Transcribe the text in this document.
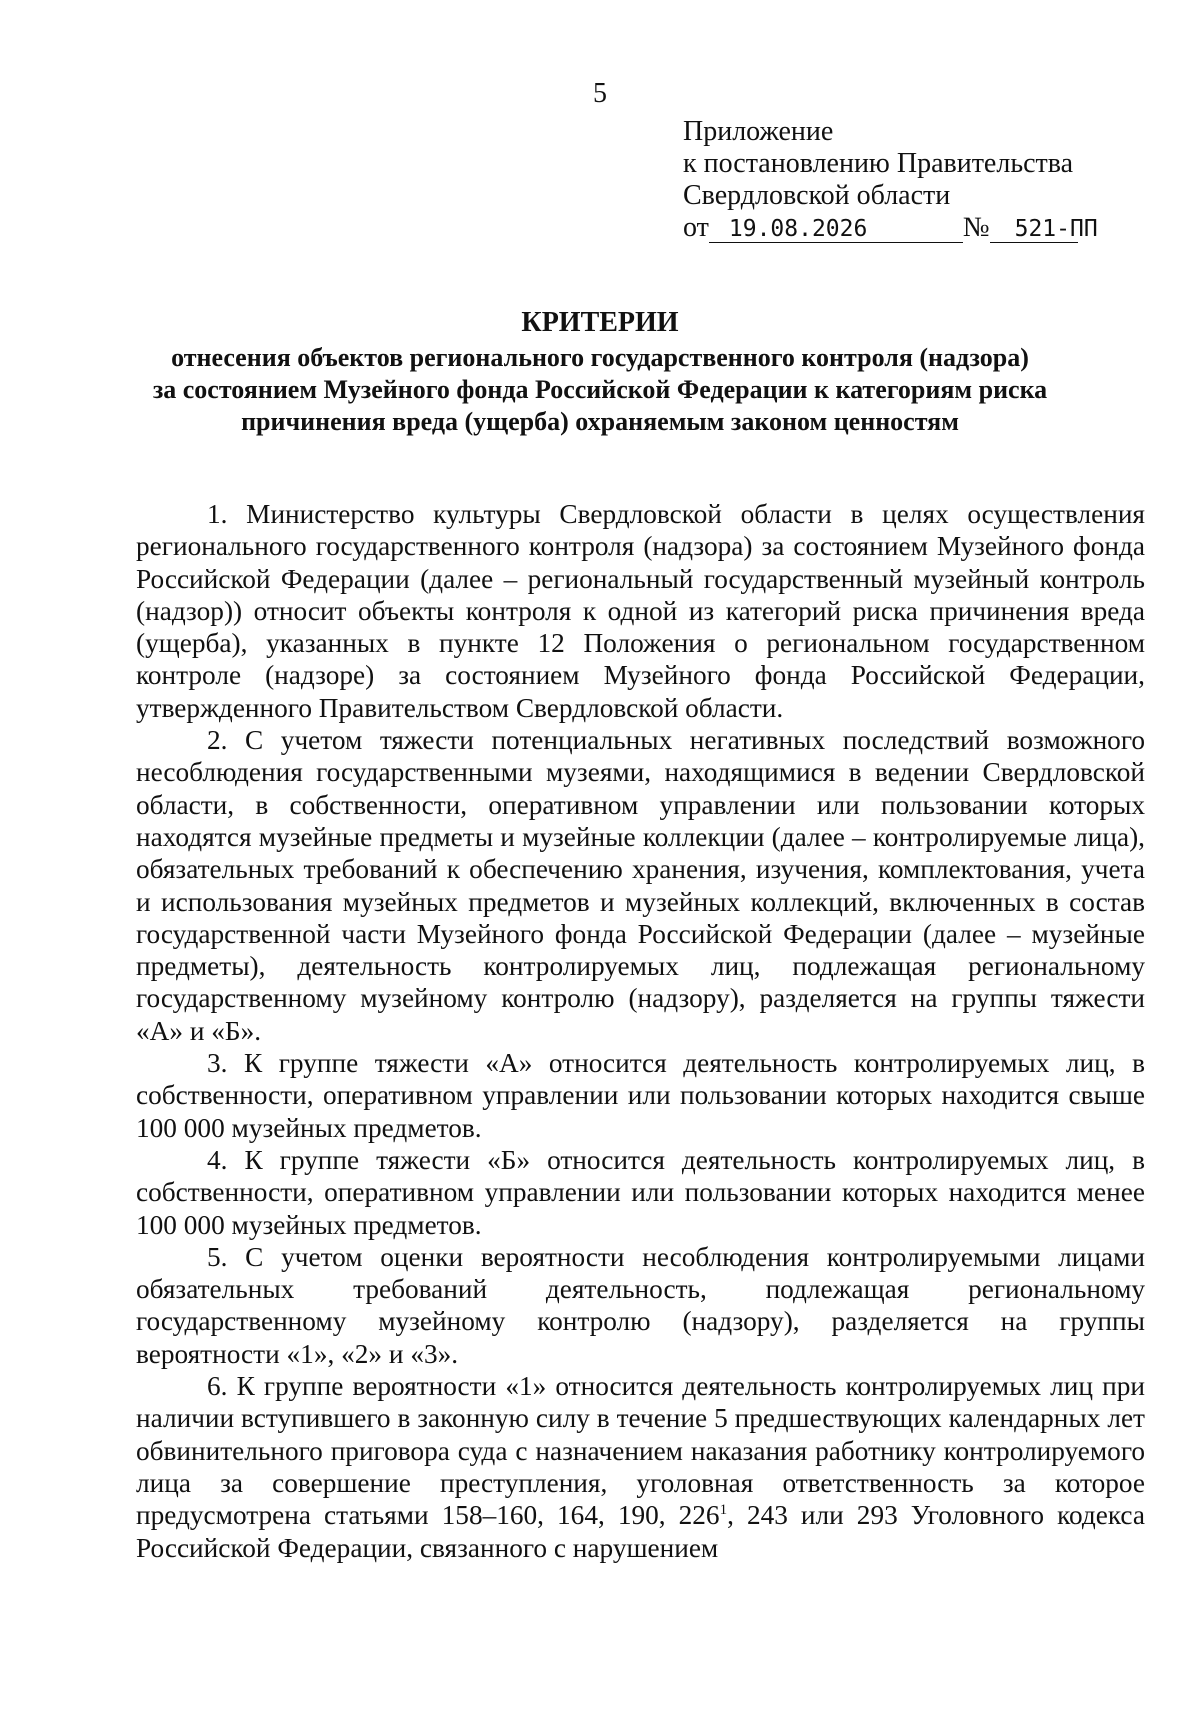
5
Приложение
к постановлению Правительства
Свердловской области
от 19.08.2026	№ 521-ПП
КРИТЕРИИ
отнесения объектов регионального государственного контроля (надзора)
за состоянием Музейного фонда Российской Федерации к категориям риска
причинения вреда (ущерба) охраняемым законом ценностям

1. Министерство культуры Свердловской области в целях осуществления регионального государственного контроля (надзора) за состоянием Музейного фонда Российской Федерации (далее – региональный государственный музейный контроль (надзор)) относит объекты контроля к одной из категорий риска причинения вреда (ущерба), указанных в пункте 12 Положения о региональном государственном контроле (надзоре) за состоянием Музейного фонда Российской Федерации, утвержденного Правительством Свердловской области.

2. С учетом тяжести потенциальных негативных последствий возможного несоблюдения государственными музеями, находящимися в ведении Свердловской области, в собственности, оперативном управлении или пользовании которых находятся музейные предметы и музейные коллекции (далее – контролируемые лица), обязательных требований к обеспечению хранения, изучения, комплектования, учета и использования музейных предметов и музейных коллекций, включенных в состав государственной части Музейного фонда Российской Федерации (далее – музейные предметы), деятельность контролируемых лиц, подлежащая региональному государственному музейному контролю (надзору), разделяется на группы тяжести «А» и «Б».

3. К группе тяжести «А» относится деятельность контролируемых лиц, в собственности, оперативном управлении или пользовании которых находится свыше 100 000 музейных предметов.

4. К группе тяжести «Б» относится деятельность контролируемых лиц, в собственности, оперативном управлении или пользовании которых находится менее 100 000 музейных предметов.

5. С учетом оценки вероятности несоблюдения контролируемыми лицами обязательных требований деятельность, подлежащая региональному государственному музейному контролю (надзору), разделяется на группы вероятности «1», «2» и «3».

6. К группе вероятности «1» относится деятельность контролируемых лиц при наличии вступившего в законную силу в течение 5 предшествующих календарных лет обвинительного приговора суда с назначением наказания работнику контролируемого лица за совершение преступления, уголовная ответственность за которое предусмотрена статьями 158–160, 164, 190, $226^1$, 243 или 293 Уголовного кодекса Российской Федерации, связанного с нарушением
